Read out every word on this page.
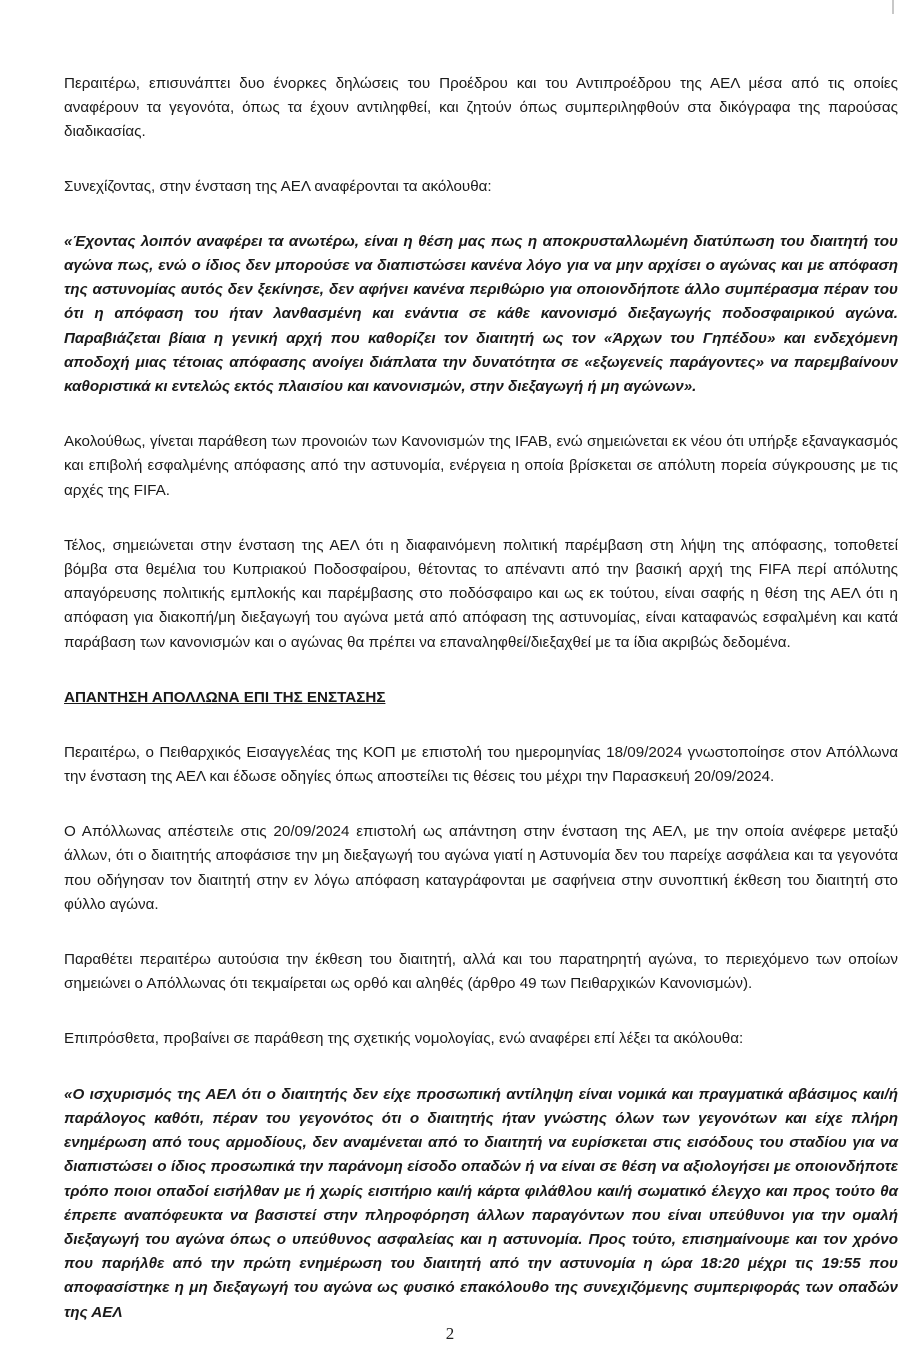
Περαιτέρω, επισυνάπτει δυο ένορκες δηλώσεις του Προέδρου και του Αντιπροέδρου της ΑΕΛ μέσα από τις οποίες αναφέρουν τα γεγονότα, όπως τα έχουν αντιληφθεί, και ζητούν όπως συμπεριληφθούν στα δικόγραφα της παρούσας διαδικασίας.

Συνεχίζοντας, στην ένσταση της ΑΕΛ αναφέρονται τα ακόλουθα:

«Έχοντας λοιπόν αναφέρει τα ανωτέρω, είναι η θέση μας πως η αποκρυσταλλωμένη διατύπωση του διαιτητή του αγώνα πως, ενώ ο ίδιος δεν μπορούσε να διαπιστώσει κανένα λόγο για να μην αρχίσει ο αγώνας και με απόφαση της αστυνομίας αυτός δεν ξεκίνησε, δεν αφήνει κανένα περιθώριο για οποιονδήποτε άλλο συμπέρασμα πέραν του ότι η απόφαση του ήταν λανθασμένη και ενάντια σε κάθε κανονισμό διεξαγωγής ποδοσφαιρικού αγώνα. Παραβιάζεται βίαια η γενική αρχή που καθορίζει τον διαιτητή ως τον «Άρχων του Γηπέδου» και ενδεχόμενη αποδοχή μιας τέτοιας απόφασης ανοίγει διάπλατα την δυνατότητα σε «εξωγενείς παράγοντες» να παρεμβαίνουν καθοριστικά κι εντελώς εκτός πλαισίου και κανονισμών, στην διεξαγωγή ή μη αγώνων».

Ακολούθως, γίνεται παράθεση των προνοιών των Κανονισμών της IFAB, ενώ σημειώνεται εκ νέου ότι υπήρξε εξαναγκασμός και επιβολή εσφαλμένης απόφασης από την αστυνομία, ενέργεια η οποία βρίσκεται σε απόλυτη πορεία σύγκρουσης με τις αρχές της FIFA.

Τέλος, σημειώνεται στην ένσταση της ΑΕΛ ότι η διαφαινόμενη πολιτική παρέμβαση στη λήψη της απόφασης, τοποθετεί βόμβα στα θεμέλια του Κυπριακού Ποδοσφαίρου, θέτοντας το απέναντι από την βασική αρχή της FIFA περί απόλυτης απαγόρευσης πολιτικής εμπλοκής και παρέμβασης στο ποδόσφαιρο και ως εκ τούτου, είναι σαφής η θέση της ΑΕΛ ότι η απόφαση για διακοπή/μη διεξαγωγή του αγώνα μετά από απόφαση της αστυνομίας, είναι καταφανώς εσφαλμένη και κατά παράβαση των κανονισμών και ο αγώνας θα πρέπει να επαναληφθεί/διεξαχθεί με τα ίδια ακριβώς δεδομένα.

ΑΠΑΝΤΗΣΗ ΑΠΟΛΛΩΝΑ ΕΠΙ ΤΗΣ ΕΝΣΤΑΣΗΣ

Περαιτέρω, ο Πειθαρχικός Εισαγγελέας της ΚΟΠ με επιστολή του ημερομηνίας 18/09/2024 γνωστοποίησε στον Απόλλωνα την ένσταση της ΑΕΛ και έδωσε οδηγίες όπως αποστείλει τις θέσεις του μέχρι την Παρασκευή 20/09/2024.

Ο Απόλλωνας απέστειλε στις 20/09/2024 επιστολή ως απάντηση στην ένσταση της ΑΕΛ, με την οποία ανέφερε μεταξύ άλλων, ότι ο διαιτητής αποφάσισε την μη διεξαγωγή του αγώνα γιατί η Αστυνομία δεν του παρείχε ασφάλεια και τα γεγονότα που οδήγησαν τον διαιτητή στην εν λόγω απόφαση καταγράφονται με σαφήνεια στην συνοπτική έκθεση του διαιτητή στο φύλλο αγώνα.

Παραθέτει περαιτέρω αυτούσια την έκθεση του διαιτητή, αλλά και του παρατηρητή αγώνα, το περιεχόμενο των οποίων σημειώνει ο Απόλλωνας ότι τεκμαίρεται ως ορθό και αληθές (άρθρο 49 των Πειθαρχικών Κανονισμών).

Επιπρόσθετα, προβαίνει σε παράθεση της σχετικής νομολογίας, ενώ αναφέρει επί λέξει τα ακόλουθα:

«Ο ισχυρισμός της ΑΕΛ ότι ο διαιτητής δεν είχε προσωπική αντίληψη είναι νομικά και πραγματικά αβάσιμος και/ή παράλογος καθότι, πέραν του γεγονότος ότι ο διαιτητής ήταν γνώστης όλων των γεγονότων και είχε πλήρη ενημέρωση από τους αρμοδίους, δεν αναμένεται από το διαιτητή να ευρίσκεται στις εισόδους του σταδίου για να διαπιστώσει ο ίδιος προσωπικά την παράνομη είσοδο οπαδών ή να είναι σε θέση να αξιολογήσει με οποιονδήποτε τρόπο ποιοι οπαδοί εισήλθαν με ή χωρίς εισιτήριο και/ή κάρτα φιλάθλου και/ή σωματικό έλεγχο και προς τούτο θα έπρεπε αναπόφευκτα να βασιστεί στην πληροφόρηση άλλων παραγόντων που είναι υπεύθυνοι για την ομαλή διεξαγωγή του αγώνα όπως ο υπεύθυνος ασφαλείας και η αστυνομία. Προς τούτο, επισημαίνουμε και τον χρόνο που παρήλθε από την πρώτη ενημέρωση του διαιτητή από την αστυνομία η ώρα 18:20 μέχρι τις 19:55 που αποφασίστηκε η μη διεξαγωγή του αγώνα ως φυσικό επακόλουθο της συνεχιζόμενης συμπεριφοράς των οπαδών της ΑΕΛ

2
